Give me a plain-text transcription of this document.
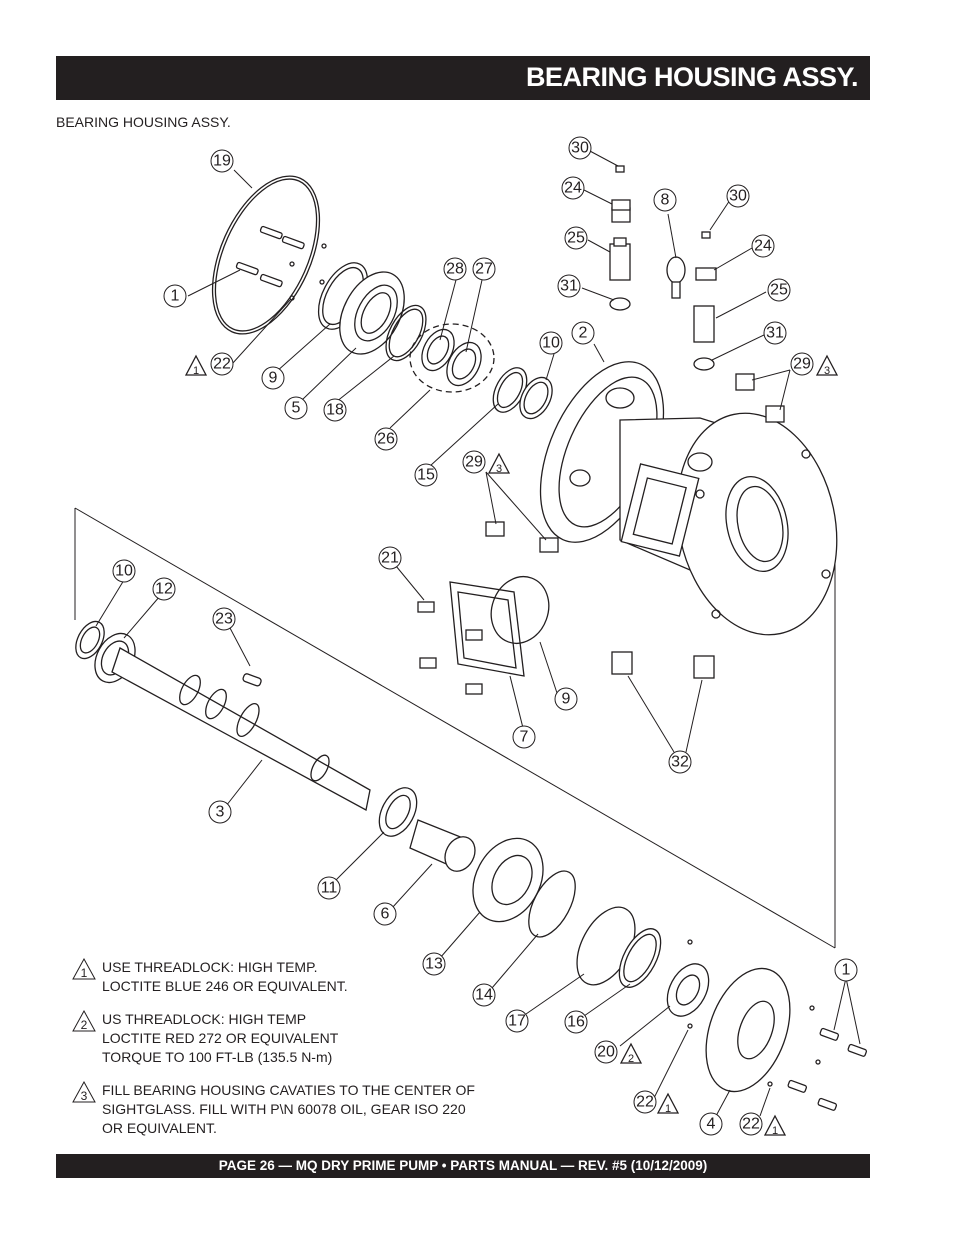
BEARING HOUSING ASSY.
BEARING HOUSING ASSY.
30
24
8	30
25	24
19
28 27
31	25
1
2
10
31
22	29
9
5 18
26
29
15
21
10
12
23
9
7
32
3
11
6
13
14
17	16
1
20
22
4 22
1	3
3
2
1
1
1 USE THREADLOCK: HIGH TEMP.
LOCTITE BLUE 246 OR EQUIVALENT.
2 US THREADLOCK: HIGH TEMP
LOCTITE RED 272 OR EQUIVALENT
TORQUE TO 100 FT-LB (135.5 N-m)
3 FILL BEARING HOUSING CAVATIES TO THE CENTER OF
SIGHTGLASS. FILL WITH P\N 60078 OIL, GEAR ISO 220
OR EQUIVALENT.
PAGE 26 — MQ DRY PRIME PUMP • PARTS MANUAL — REV. #5 (10/12/2009)
